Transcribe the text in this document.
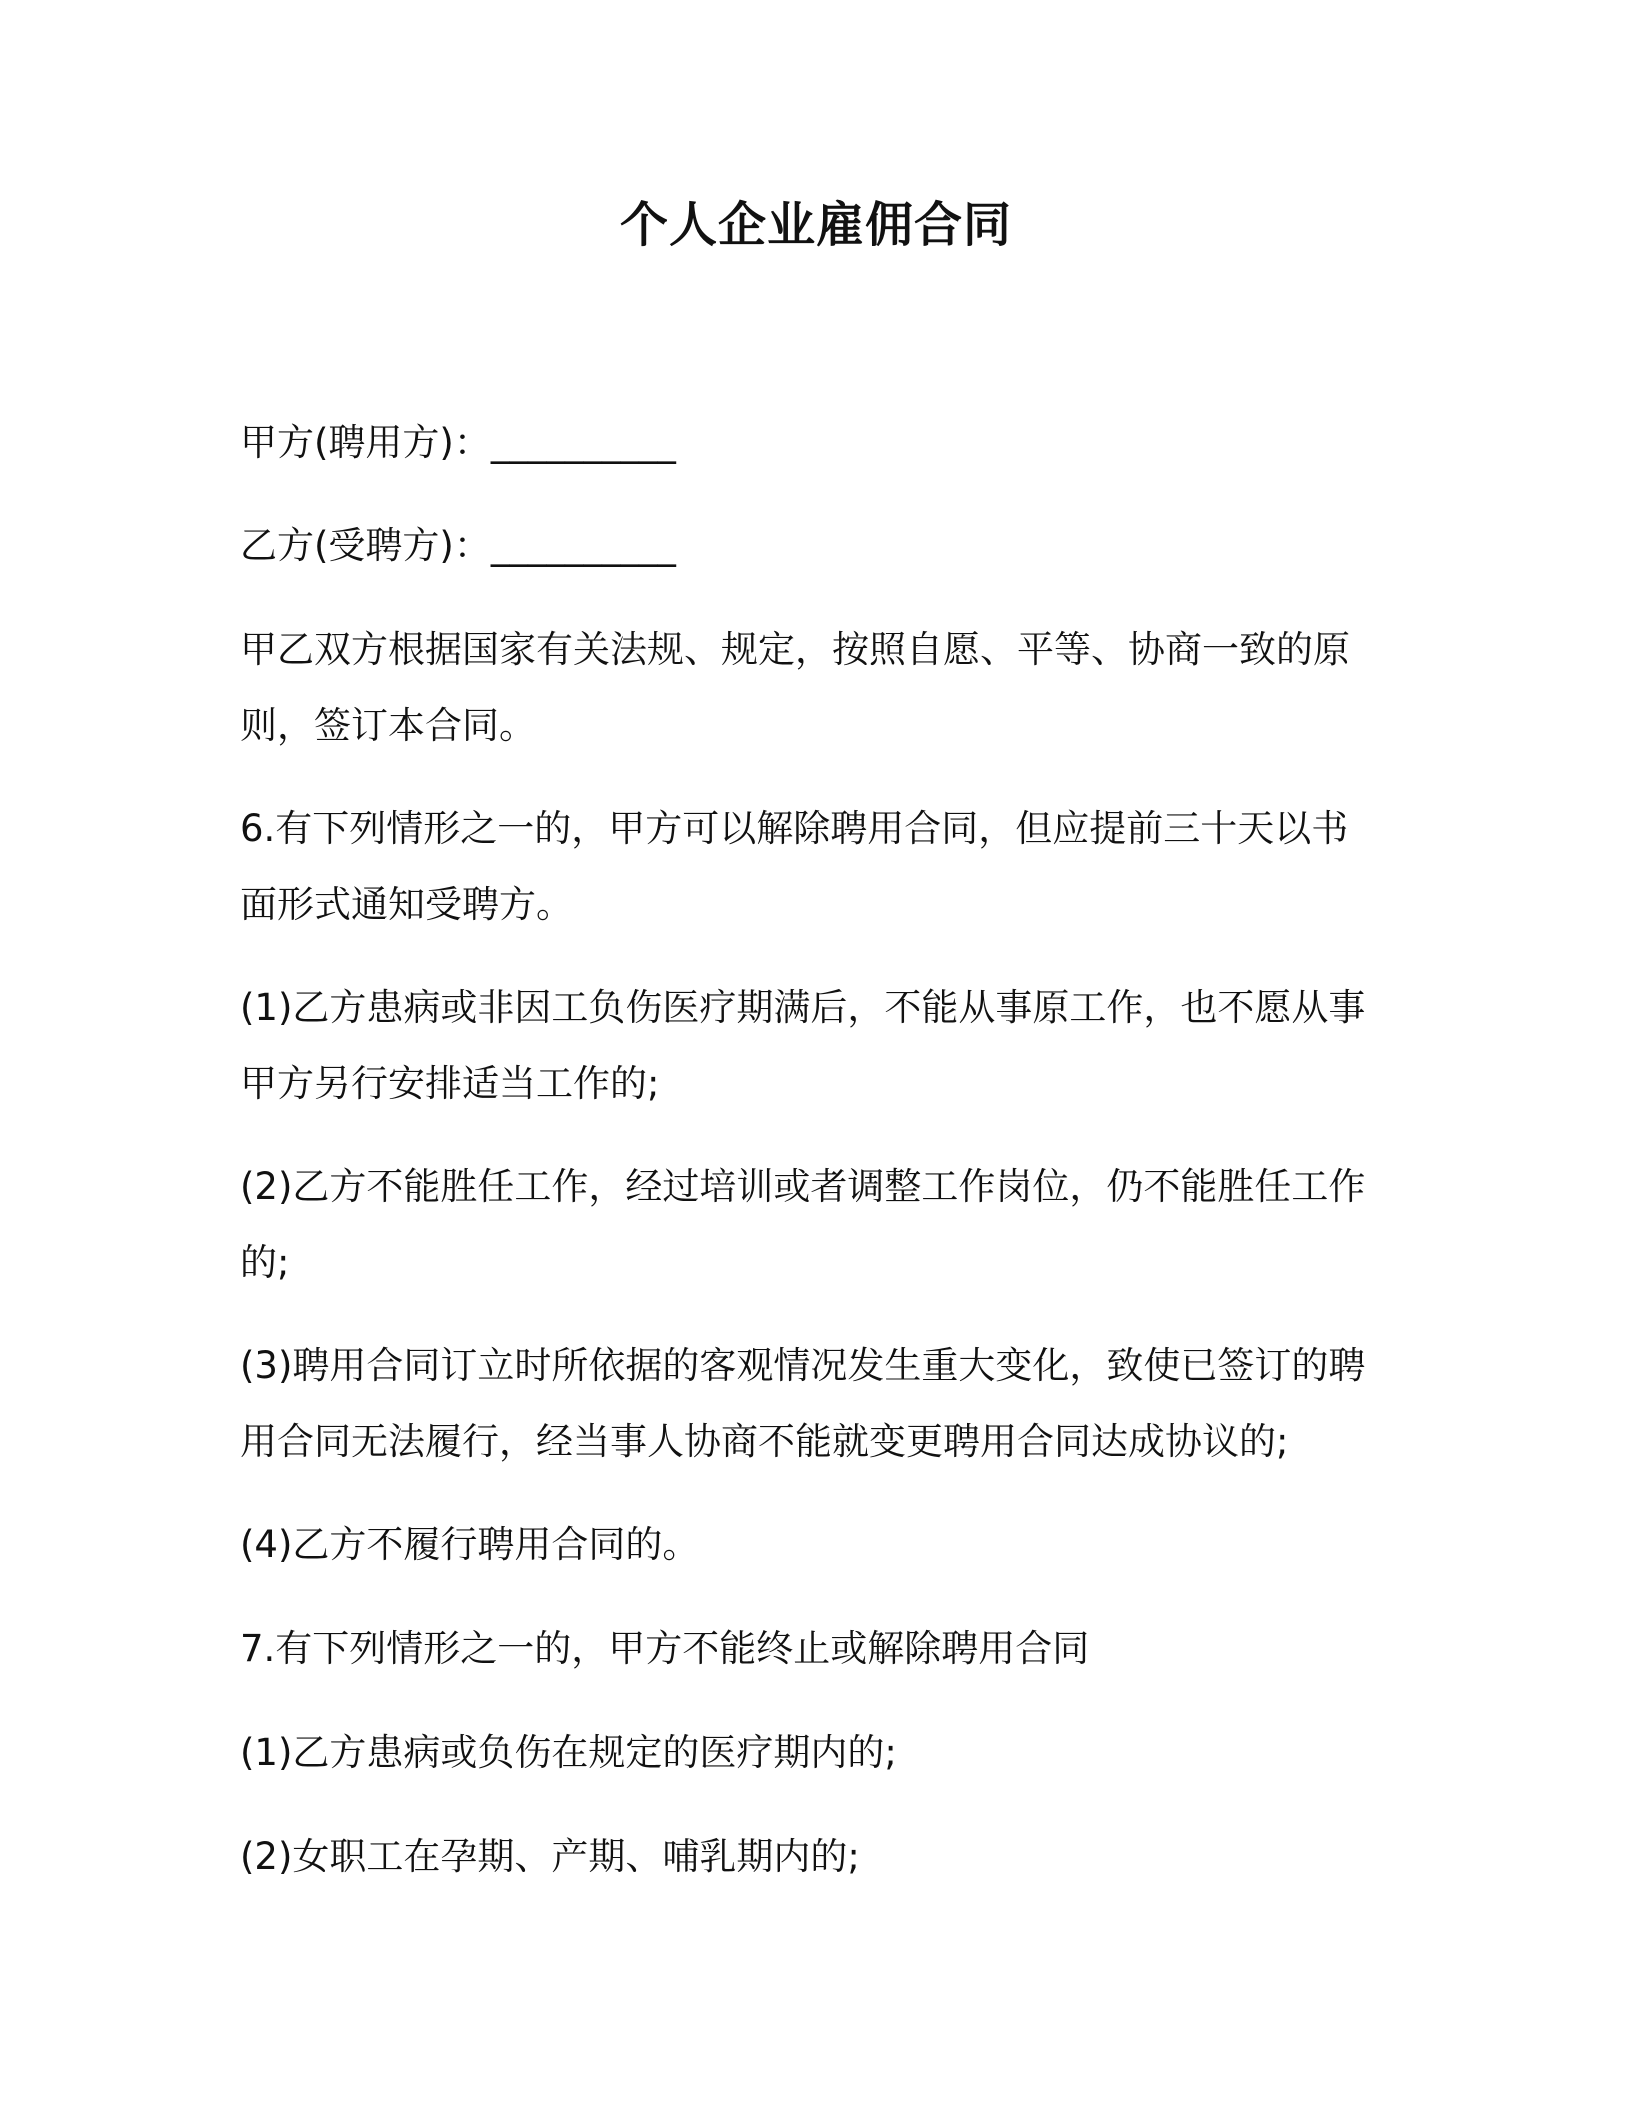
个人企业雇佣合同

甲方(聘用方)：__________

乙方(受聘方)：__________

甲乙双方根据国家有关法规、规定，按照自愿、平等、协商一致的原
则，签订本合同。

6.有下列情形之一的，甲方可以解除聘用合同，但应提前三十天以书
面形式通知受聘方。

(1)乙方患病或非因工负伤医疗期满后，不能从事原工作，也不愿从事
甲方另行安排适当工作的;

(2)乙方不能胜任工作，经过培训或者调整工作岗位，仍不能胜任工作
的;

(3)聘用合同订立时所依据的客观情况发生重大变化，致使已签订的聘
用合同无法履行，经当事人协商不能就变更聘用合同达成协议的;

(4)乙方不履行聘用合同的。

7.有下列情形之一的，甲方不能终止或解除聘用合同

(1)乙方患病或负伤在规定的医疗期内的;

(2)女职工在孕期、产期、哺乳期内的;
